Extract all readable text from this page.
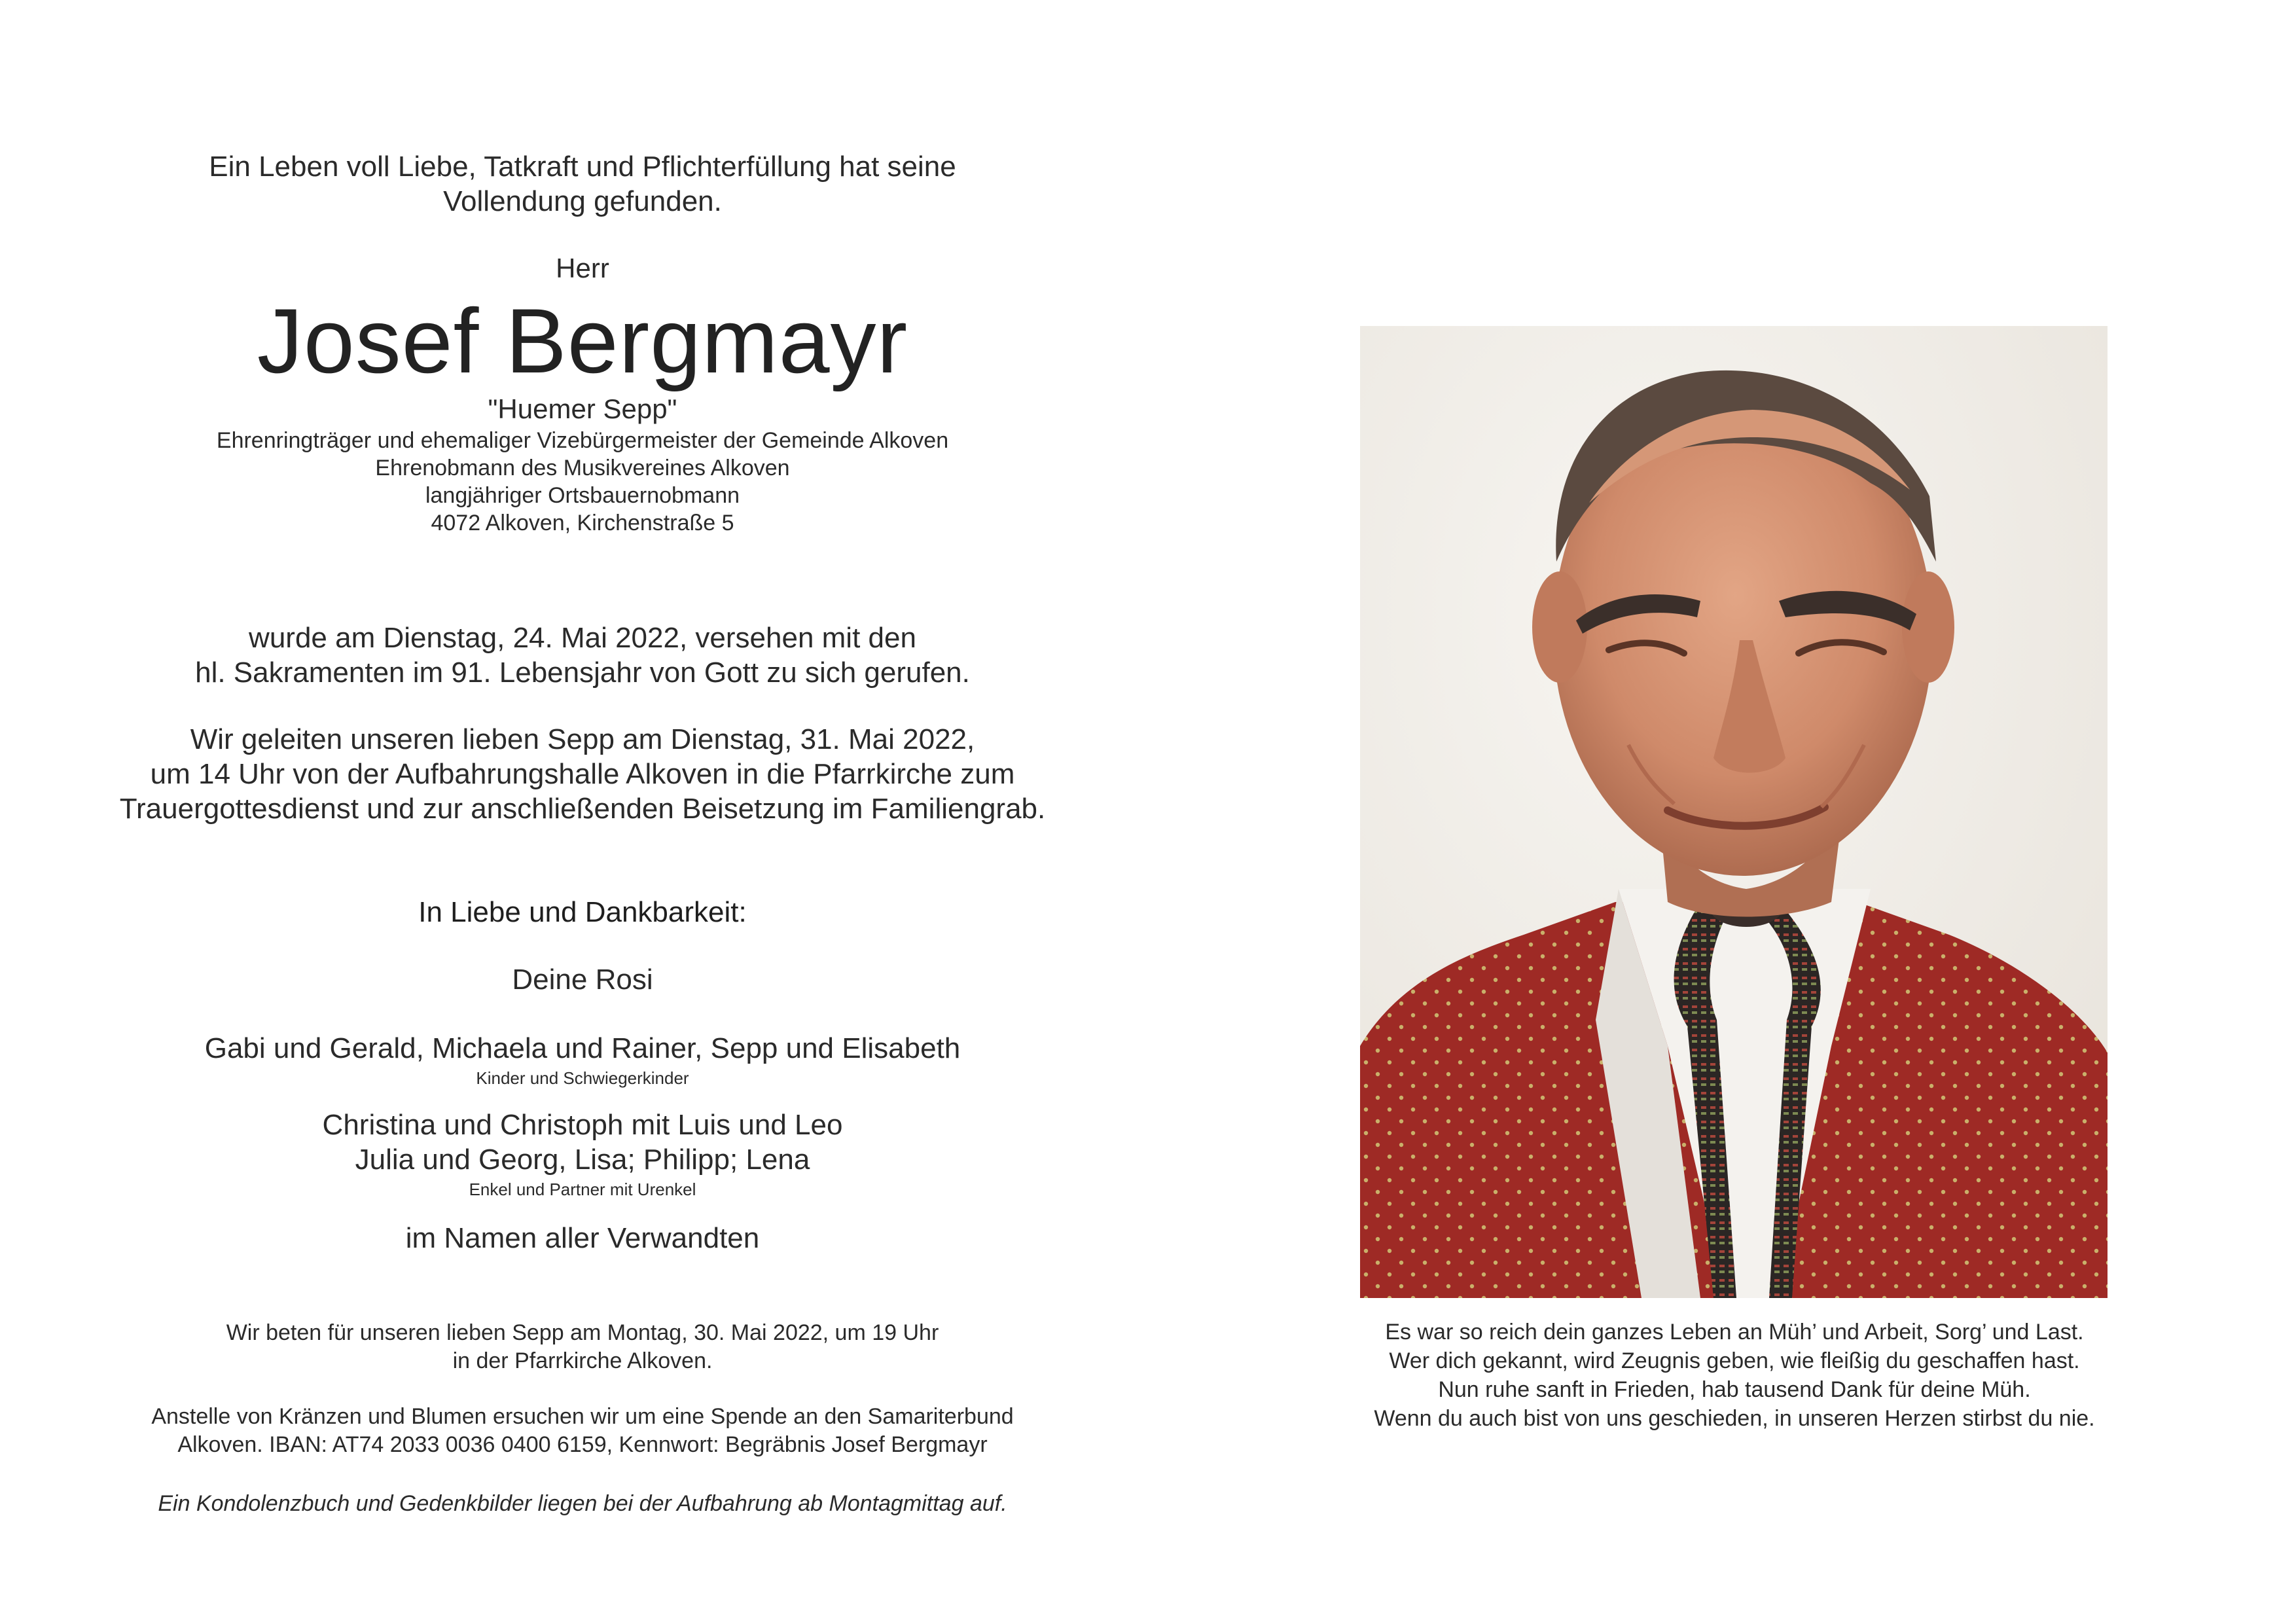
Ein Leben voll Liebe, Tatkraft und Pflichterfüllung hat seine
Vollendung gefunden.
Herr
Josef Bergmayr
"Huemer Sepp"
Ehrenringträger und ehemaliger Vizebürgermeister der Gemeinde Alkoven
Ehrenobmann des Musikvereines Alkoven
langjähriger Ortsbauernobmann
4072 Alkoven, Kirchenstraße 5
wurde am Dienstag, 24. Mai 2022, versehen mit den
hl. Sakramenten im 91. Lebensjahr von Gott zu sich gerufen.
Wir geleiten unseren lieben Sepp am Dienstag, 31. Mai 2022,
um 14 Uhr von der Aufbahrungshalle Alkoven in die Pfarrkirche zum
Trauergottesdienst und zur anschließenden Beisetzung im Familiengrab.
In Liebe und Dankbarkeit:
Deine Rosi
Gabi und Gerald, Michaela und Rainer, Sepp und Elisabeth
Kinder und Schwiegerkinder
Christina und Christoph mit Luis und Leo
Julia und Georg, Lisa; Philipp; Lena
Enkel und Partner mit Urenkel
im Namen aller Verwandten
Wir beten für unseren lieben Sepp am Montag, 30. Mai 2022, um 19 Uhr
in der Pfarrkirche Alkoven.
Anstelle von Kränzen und Blumen ersuchen wir um eine Spende an den Samariterbund
Alkoven. IBAN: AT74 2033 0036 0400 6159, Kennwort: Begräbnis Josef Bergmayr
Ein Kondolenzbuch und Gedenkbilder liegen bei der Aufbahrung ab Montagmittag auf.
Es war so reich dein ganzes Leben an Müh’ und Arbeit, Sorg’ und Last.
Wer dich gekannt, wird Zeugnis geben, wie fleißig du geschaffen hast.
Nun ruhe sanft in Frieden, hab tausend Dank für deine Müh.
Wenn du auch bist von uns geschieden, in unseren Herzen stirbst du nie.
